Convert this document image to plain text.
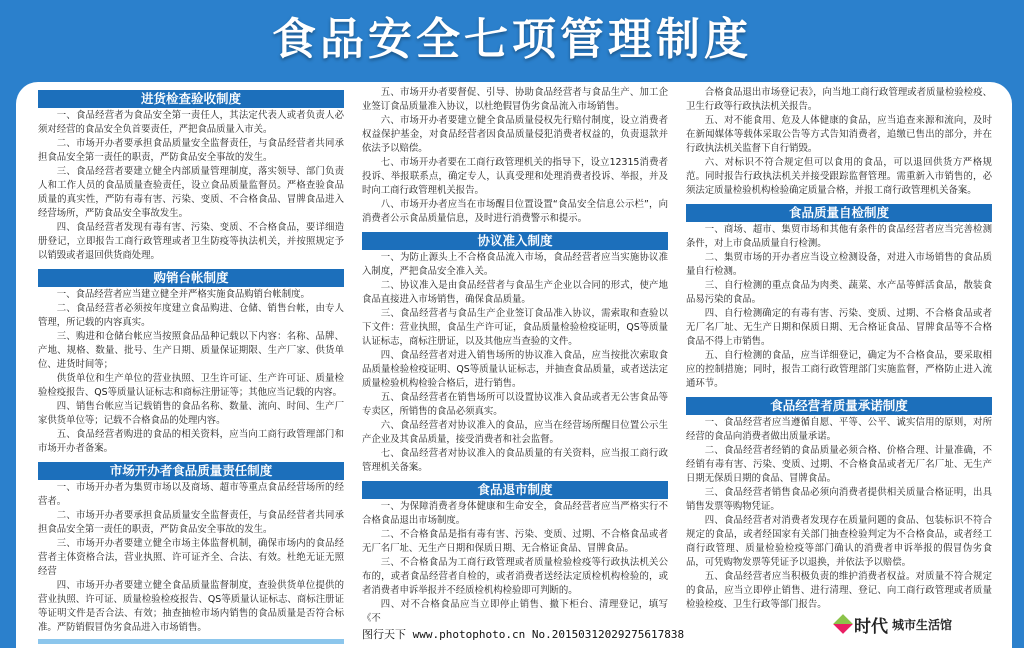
食品安全七项管理制度
进货检查验收制度

一、食品经营者为食品安全第一责任人，其法定代表人或者负责人必须对经营的食品安全负首要责任，严把食品质量入市关。

二、市场开办者要承担食品质量安全监督责任，与食品经营者共同承担食品安全第一责任的职责，严防食品安全事故的发生。

三、食品经营者要建立健全内部质量管理制度，落实领导、部门负责人和工作人员的食品质量查验责任，设立食品质量监督员。严格查验食品质量的真实性，严防有毒有害、污染、变质、不合格食品、冒牌食品进入经营场所，严防食品安全事故发生。

四、食品经营者发现有毒有害、污染、变质、不合格食品，要详细造册登记，立即报告工商行政管理或者卫生防疫等执法机关，并按照规定予以销毁或者退回供货商处理。

购销台帐制度

一、食品经营者应当建立健全并严格实施食品购销台帐制度。

二、食品经营者必须按年度建立食品购进、仓储、销售台帐，由专人管理，所记载的内容真实。

三、购进和仓储台帐应当按照食品品种记载以下内容：名称、品牌、产地、规格、数量、批号、生产日期、质量保证期限、生产厂家、供货单位、进货时间等；

供货单位和生产单位的营业执照、卫生许可证、生产许可证、质量检验检疫报告、QS等质量认证标志和商标注册证等；其他应当记载的内容。

四、销售台帐应当记载销售的食品名称、数量、流向、时间、生产厂家供货单位等；记载不合格食品的处理内容。

五、食品经营者购进的食品的相关资料，应当向工商行政管理部门和市场开办者备案。

市场开办者食品质量责任制度

一、市场开办者为集贸市场以及商场、超市等重点食品经营场所的经营者。

二、市场开办者要承担食品质量安全监督责任，与食品经营者共同承担食品安全第一责任的职责，严防食品安全事故的发生。

三、市场开办者要建立健全市场主体监督机制，确保市场内的食品经营者主体资格合法，营业执照、许可证齐全、合法、有效。杜绝无证无照经营

四、市场开办者要建立健全食品质量监督制度，查验供货单位提供的营业执照、许可证、质量检验检疫报告、QS等质量认证标志、商标注册证等证明文件是否合法、有效；抽查抽检市场内销售的食品质量是否符合标准。严防销假冒伪劣食品进入市场销售。

五、市场开办者要督促、引导、协助食品经营者与食品生产、加工企业签订食品质量准入协议，以杜绝假冒伪劣食品流入市场销售。

六、市场开办者要建立健全食品质量侵权先行赔付制度，设立消费者权益保护基金，对食品经营者因食品质量侵犯消费者权益的，负责退款并依法予以赔偿。

七、市场开办者要在工商行政管理机关的指导下，设立12315消费者投诉、举报联系点，确定专人，认真受理和处理消费者投诉、举报，并及时向工商行政管理机关报告。

八、市场开办者应当在市场醒目位置设置“食品安全信息公示栏”，向消费者公示食品质量信息，及时进行消费警示和提示。

协议准入制度

一、为防止源头上不合格食品流入市场，食品经营者应当实施协议准入制度，严把食品安全准入关。

二、协议准入是由食品经营者与食品生产企业以合同的形式，使产地食品直接进入市场销售，确保食品质量。

三、食品经营者与食品生产企业签订食品准入协议，需索取和查验以下文件：营业执照，食品生产许可证，食品质量检验检疫证明，QS等质量认证标志，商标注册证，以及其他应当查验的文件。

四、食品经营者对进入销售场所的协议准入食品，应当按批次索取食品质量检验检疫证明、QS等质量认证标志，并抽查食品质量，或者送法定质量检验机构检验合格后，进行销售。

五、食品经营者在销售场所可以设置协议准入食品或者无公害食品等专卖区，所销售的食品必须真实。

六、食品经营者对协议准入的食品，应当在经营场所醒目位置公示生产企业及其食品质量，接受消费者和社会监督。

七、食品经营者对协议准入的食品质量的有关资料，应当报工商行政管理机关备案。

食品退市制度

一、为保障消费者身体健康和生命安全，食品经营者应当严格实行不合格食品退出市场制度。

二、不合格食品是指有毒有害、污染、变质、过期、不合格食品或者无厂名厂址、无生产日期和保质日期、无合格证食品、冒牌食品。

三、不合格食品为工商行政管理或者质量检验检疫等行政执法机关公布的，或者食品经营者自检的，或者消费者送经法定质检机构检验的，或者消费者申诉举报并不经质检机构检验即可判断的。

四、对不合格食品应当立即停止销售、撤下柜台、清理登记，填写《不

图行天下 www.photophoto.cn No.20150312029275617838

合格食品退出市场登记表》，向当地工商行政管理或者质量检验检疫、卫生行政等行政执法机关报告。

五、对不能食用、危及人体健康的食品，应当追查来源和流向，及时在新闻媒体等载体采取公告等方式告知消费者，追缴已售出的部分，并在行政执法机关监督下自行销毁。

六、对标识不符合规定但可以食用的食品，可以退回供货方严格规范。同时报告行政执法机关并接受跟踪监督管理。需重新入市销售的，必须法定质量检验机构检验确定质量合格，并报工商行政管理机关备案。

食品质量自检制度

一、商场、超市、集贸市场和其他有条件的食品经营者应当完善检测条件，对上市食品质量自行检测。

二、集贸市场的开办者应当设立检测设备，对进入市场销售的食品质量自行检测。

三、自行检测的重点食品为肉类、蔬菜、水产品等鲜活食品，散装食品易污染的食品。

四、自行检测确定的有毒有害、污染、变质、过期、不合格食品或者无厂名厂址、无生产日期和保质日期、无合格证食品、冒牌食品等不合格食品不得上市销售。

五、自行检测的食品，应当详细登记，确定为不合格食品，要采取相应的控制措施；同时，报告工商行政管理部门实施监督，严格防止进入流通环节。

食品经营者质量承诺制度

一、食品经营者应当遵循自愿、平等、公平、诚实信用的原则，对所经营的食品向消费者做出质量承诺。

二、食品经营者经销的食品质量必须合格、价格合理、计量准确，不经销有毒有害、污染、变质、过期、不合格食品或者无厂名厂址、无生产日期无保质日期的食品、冒牌食品。

三、食品经营者销售食品必须向消费者提供相关质量合格证明，出具销售发票等购物凭证。

四、食品经营者对消费者发现存在质量问题的食品、包装标识不符合规定的食品，或者经国家有关部门抽查检验判定为不合格食品，或者经工商行政管理、质量检验检疫等部门确认的消费者申诉举报的假冒伪劣食品，可凭购物发票等凭证予以退换，并依法予以赔偿。

五、食品经营者应当积极负责的维护消费者权益。对质量不符合规定的食品，应当立即停止销售、进行清理、登记、向工商行政管理或者质量检验检疫、卫生行政等部门报告。

时代 城市生活馆
